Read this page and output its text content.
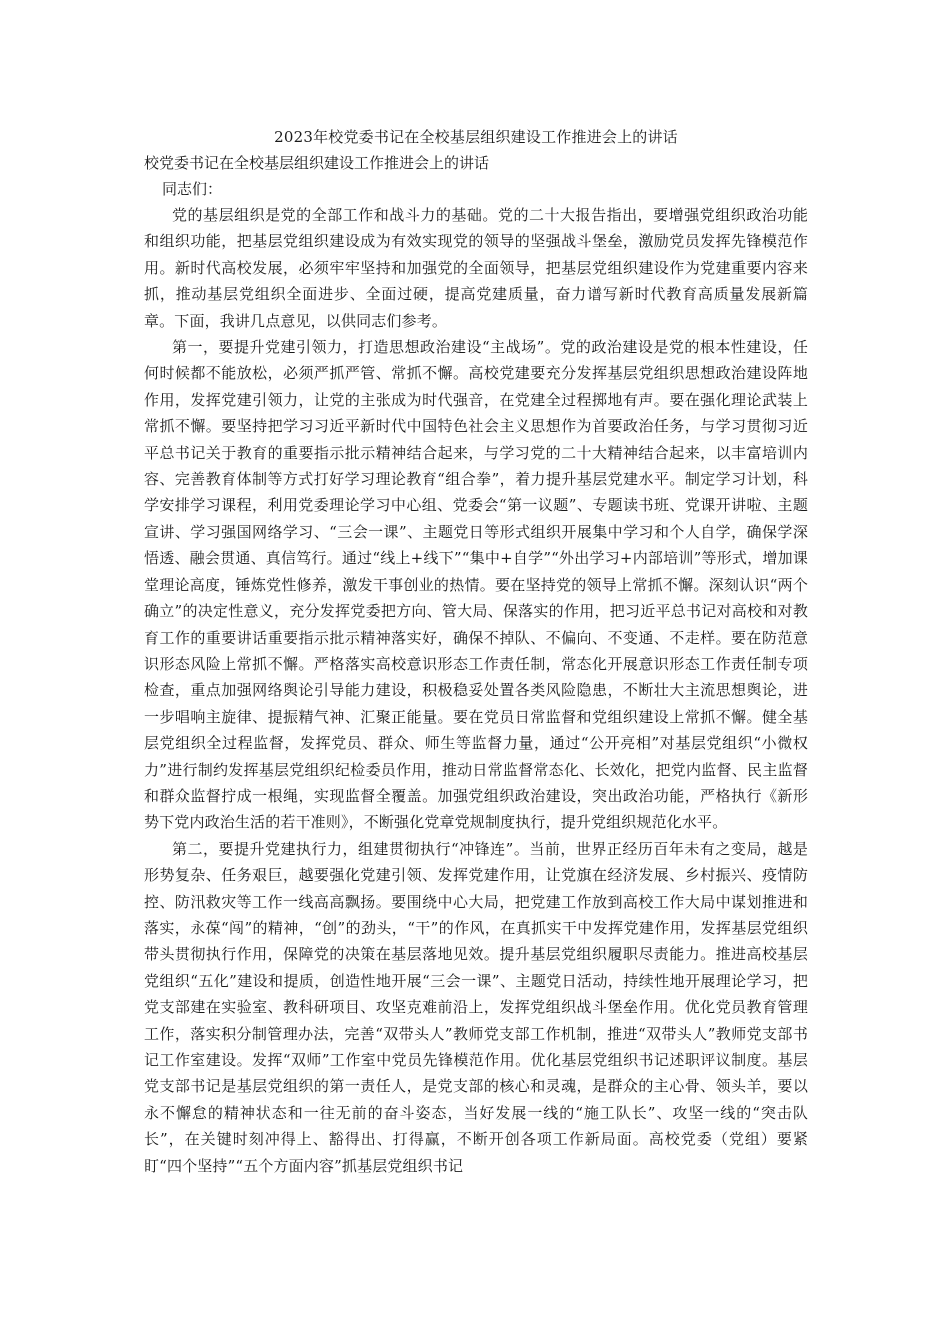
2023年校党委书记在全校基层组织建设工作推进会上的讲话
校党委书记在全校基层组织建设工作推进会上的讲话

同志们：

党的基层组织是党的全部工作和战斗力的基础。党的二十大报告指出，要增强党组织政治功能和组织功能，把基层党组织建设成为有效实现党的领导的坚强战斗堡垒，激励党员发挥先锋模范作用。新时代高校发展，必须牢牢坚持和加强党的全面领导，把基层党组织建设作为党建重要内容来抓，推动基层党组织全面进步、全面过硬，提高党建质量，奋力谱写新时代教育高质量发展新篇章。下面，我讲几点意见，以供同志们参考。

第一，要提升党建引领力，打造思想政治建设“主战场”。党的政治建设是党的根本性建设，任何时候都不能放松，必须严抓严管、常抓不懈。高校党建要充分发挥基层党组织思想政治建设阵地作用，发挥党建引领力，让党的主张成为时代强音，在党建全过程掷地有声。要在强化理论武装上常抓不懈。要坚持把学习习近平新时代中国特色社会主义思想作为首要政治任务，与学习贯彻习近平总书记关于教育的重要指示批示精神结合起来，与学习党的二十大精神结合起来，以丰富培训内容、完善教育体制等方式打好学习理论教育“组合拳”，着力提升基层党建水平。制定学习计划，科学安排学习课程，利用党委理论学习中心组、党委会“第一议题”、专题读书班、党课开讲啦、主题宣讲、学习强国网络学习、“三会一课”、主题党日等形式组织开展集中学习和个人自学，确保学深悟透、融会贯通、真信笃行。通过“线上+线下”“集中+自学”“外出学习+内部培训”等形式，增加课堂理论高度，锤炼党性修养，激发干事创业的热情。要在坚持党的领导上常抓不懈。深刻认识“两个确立”的决定性意义，充分发挥党委把方向、管大局、保落实的作用，把习近平总书记对高校和对教育工作的重要讲话重要指示批示精神落实好，确保不掉队、不偏向、不变通、不走样。要在防范意识形态风险上常抓不懈。严格落实高校意识形态工作责任制，常态化开展意识形态工作责任制专项检查，重点加强网络舆论引导能力建设，积极稳妥处置各类风险隐患，不断壮大主流思想舆论，进一步唱响主旋律、提振精气神、汇聚正能量。要在党员日常监督和党组织建设上常抓不懈。健全基层党组织全过程监督，发挥党员、群众、师生等监督力量，通过“公开亮相”对基层党组织“小微权力”进行制约发挥基层党组织纪检委员作用，推动日常监督常态化、长效化，把党内监督、民主监督和群众监督拧成一根绳，实现监督全覆盖。加强党组织政治建设，突出政治功能，严格执行《新形势下党内政治生活的若干准则》，不断强化党章党规制度执行，提升党组织规范化水平。

第二，要提升党建执行力，组建贯彻执行“冲锋连”。当前，世界正经历百年未有之变局，越是形势复杂、任务艰巨，越要强化党建引领、发挥党建作用，让党旗在经济发展、乡村振兴、疫情防控、防汛救灾等工作一线高高飘扬。要围绕中心大局，把党建工作放到高校工作大局中谋划推进和落实，永葆“闯”的精神，“创”的劲头，“干”的作风，在真抓实干中发挥党建作用，发挥基层党组织带头贯彻执行作用，保障党的决策在基层落地见效。提升基层党组织履职尽责能力。推进高校基层党组织“五化”建设和提质，创造性地开展“三会一课”、主题党日活动，持续性地开展理论学习，把党支部建在实验室、教科研项目、攻坚克难前沿上，发挥党组织战斗堡垒作用。优化党员教育管理工作，落实积分制管理办法，完善“双带头人”教师党支部工作机制，推进“双带头人”教师党支部书记工作室建设。发挥“双师”工作室中党员先锋模范作用。优化基层党组织书记述职评议制度。基层党支部书记是基层党组织的第一责任人，是党支部的核心和灵魂，是群众的主心骨、领头羊，要以永不懈怠的精神状态和一往无前的奋斗姿态，当好发展一线的“施工队长”、攻坚一线的“突击队长”，在关键时刻冲得上、豁得出、打得赢，不断开创各项工作新局面。高校党委（党组）要紧盯“四个坚持”“五个方面内容”抓基层党组织书记
